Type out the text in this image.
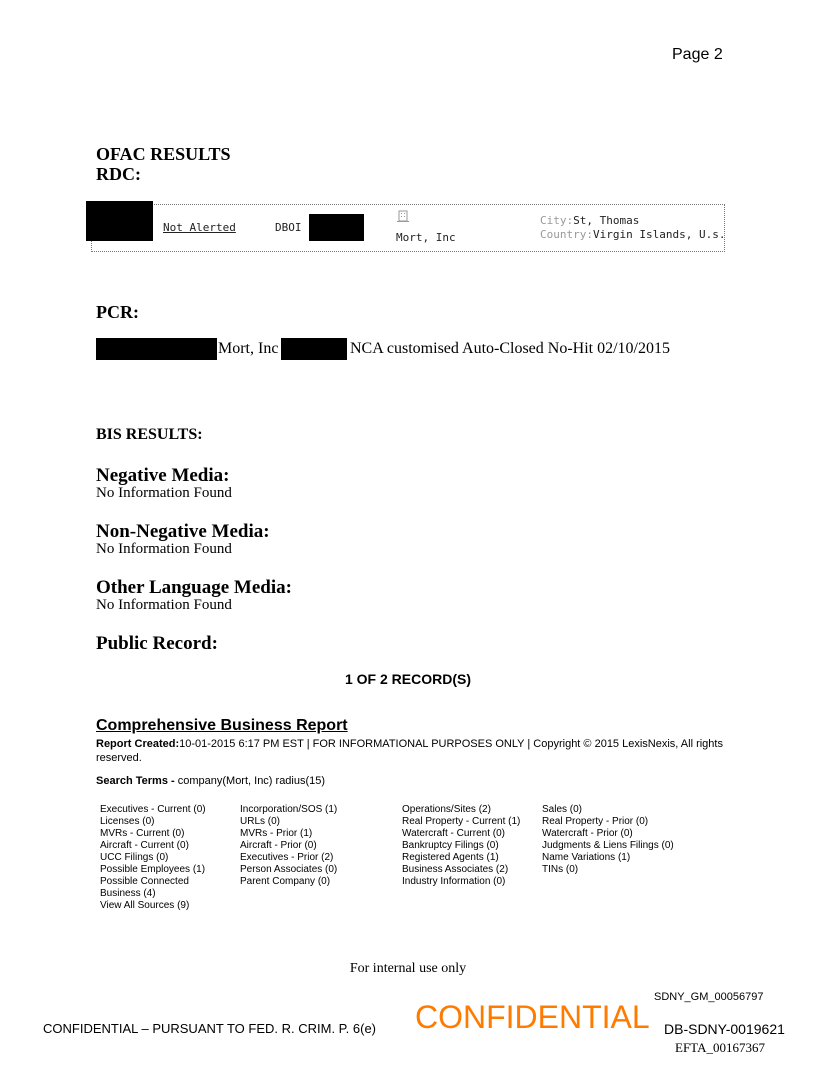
Page 2
OFAC RESULTS
RDC:
Not Alerted	DBOI
Mort, Inc
City:St, Thomas
Country:Virgin Islands, U.s.
PCR:
Mort, Inc	NCA customised Auto-Closed No-Hit 02/10/2015
BIS RESULTS:
Negative Media:
No Information Found
Non-Negative Media:
No Information Found
Other Language Media:
No Information Found
Public Record:
1 OF 2 RECORD(S)
Comprehensive Business Report
Report Created:10-01-2015 6:17 PM EST | FOR INFORMATIONAL PURPOSES ONLY | Copyright © 2015 LexisNexis, All rights reserved.
Search Terms - company(Mort, Inc) radius(15)
Executives - Current (0)
Licenses (0)
MVRs - Current (0)
Aircraft - Current (0)
UCC Filings (0)
Possible Employees (1)
Possible Connected
Business (4)
View All Sources (9)
Incorporation/SOS (1)
URLs (0)
MVRs - Prior (1)
Aircraft - Prior (0)
Executives - Prior (2)
Person Associates (0)
Parent Company (0)
Operations/Sites (2)
Real Property - Current (1)
Watercraft - Current (0)
Bankruptcy Filings (0)
Registered Agents (1)
Business Associates (2)
Industry Information (0)
Sales (0)
Real Property - Prior (0)
Watercraft - Prior (0)
Judgments & Liens Filings (0)
Name Variations (1)
TINs (0)
For internal use only
SDNY_GM_00056797
CONFIDENTIAL – PURSUANT TO FED. R. CRIM. P. 6(e) CONFIDENTIAL DB-SDNY-0019621
EFTA_00167367
